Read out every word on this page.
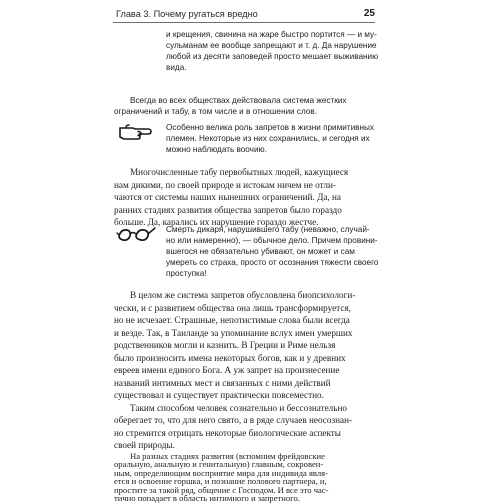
Глава 3. Почему ругаться вредно	25
и крещения, свинина на жаре быстро портится — и му-
сульманам ее вообще запрещают и т. д. Да нарушение
любой из десяти заповедей просто мешает выживанию
вида.
Всегда во всех обществах действовала система жестких
ограничений и табу, в том числе и в отношении слов.
Особенно велика роль запретов в жизни примитивных
племен. Некоторые из них сохранились, и сегодня их
можно наблюдать воочию.
Многочисленные табу первобытных людей, кажущиеся
нам дикими, по своей природе и истокам ничем не отли-
чаются от системы наших нынешних ограничений. Да, на
ранних стадиях развития общества запретов было гораздо
больше. Да, карались их нарушение гораздо жестче.
Смерть дикаря, нарушившего табу (неважно, случай-
но или намеренно), — обычное дело. Причем провини-
вшегося не обязательно убивают, он может и сам
умереть со страха, просто от осознания тяжести своего
проступка!
В целом же система запретов обусловлена биопсихологи-
чески, и с развитием общества она лишь трансформируется,
но не исчезает. Страшные, непотистимые слова были всегда
и везде. Так, в Таиланде за упоминание вслух имен умерших
родственников могли и казнить. В Греции и Риме нельзя
было произносить имена некоторых богов, как и у древних
евреев имени единого Бога. А уж запрет на произнесение
названий интимных мест и связанных с ними действий
существовал и существует практически повсеместно.
Таким способом человек сознательно и бессознательно
оберегает то, что для него свято, а в ряде случаев неосознан-
но стремится отрицать некоторые биологические аспекты
своей природы.
На разных стадиях развития (вспомним фрейдовские
оральную, анальную и генитальную) главным, сокровен-
ным, определяющим восприятие мира для индивида явля-
ется и освоение горшка, и познание полового партнера, и,
простите за такой ряд, общение с Господом. И все это час-
тично попадает в область интимного и запретного.
